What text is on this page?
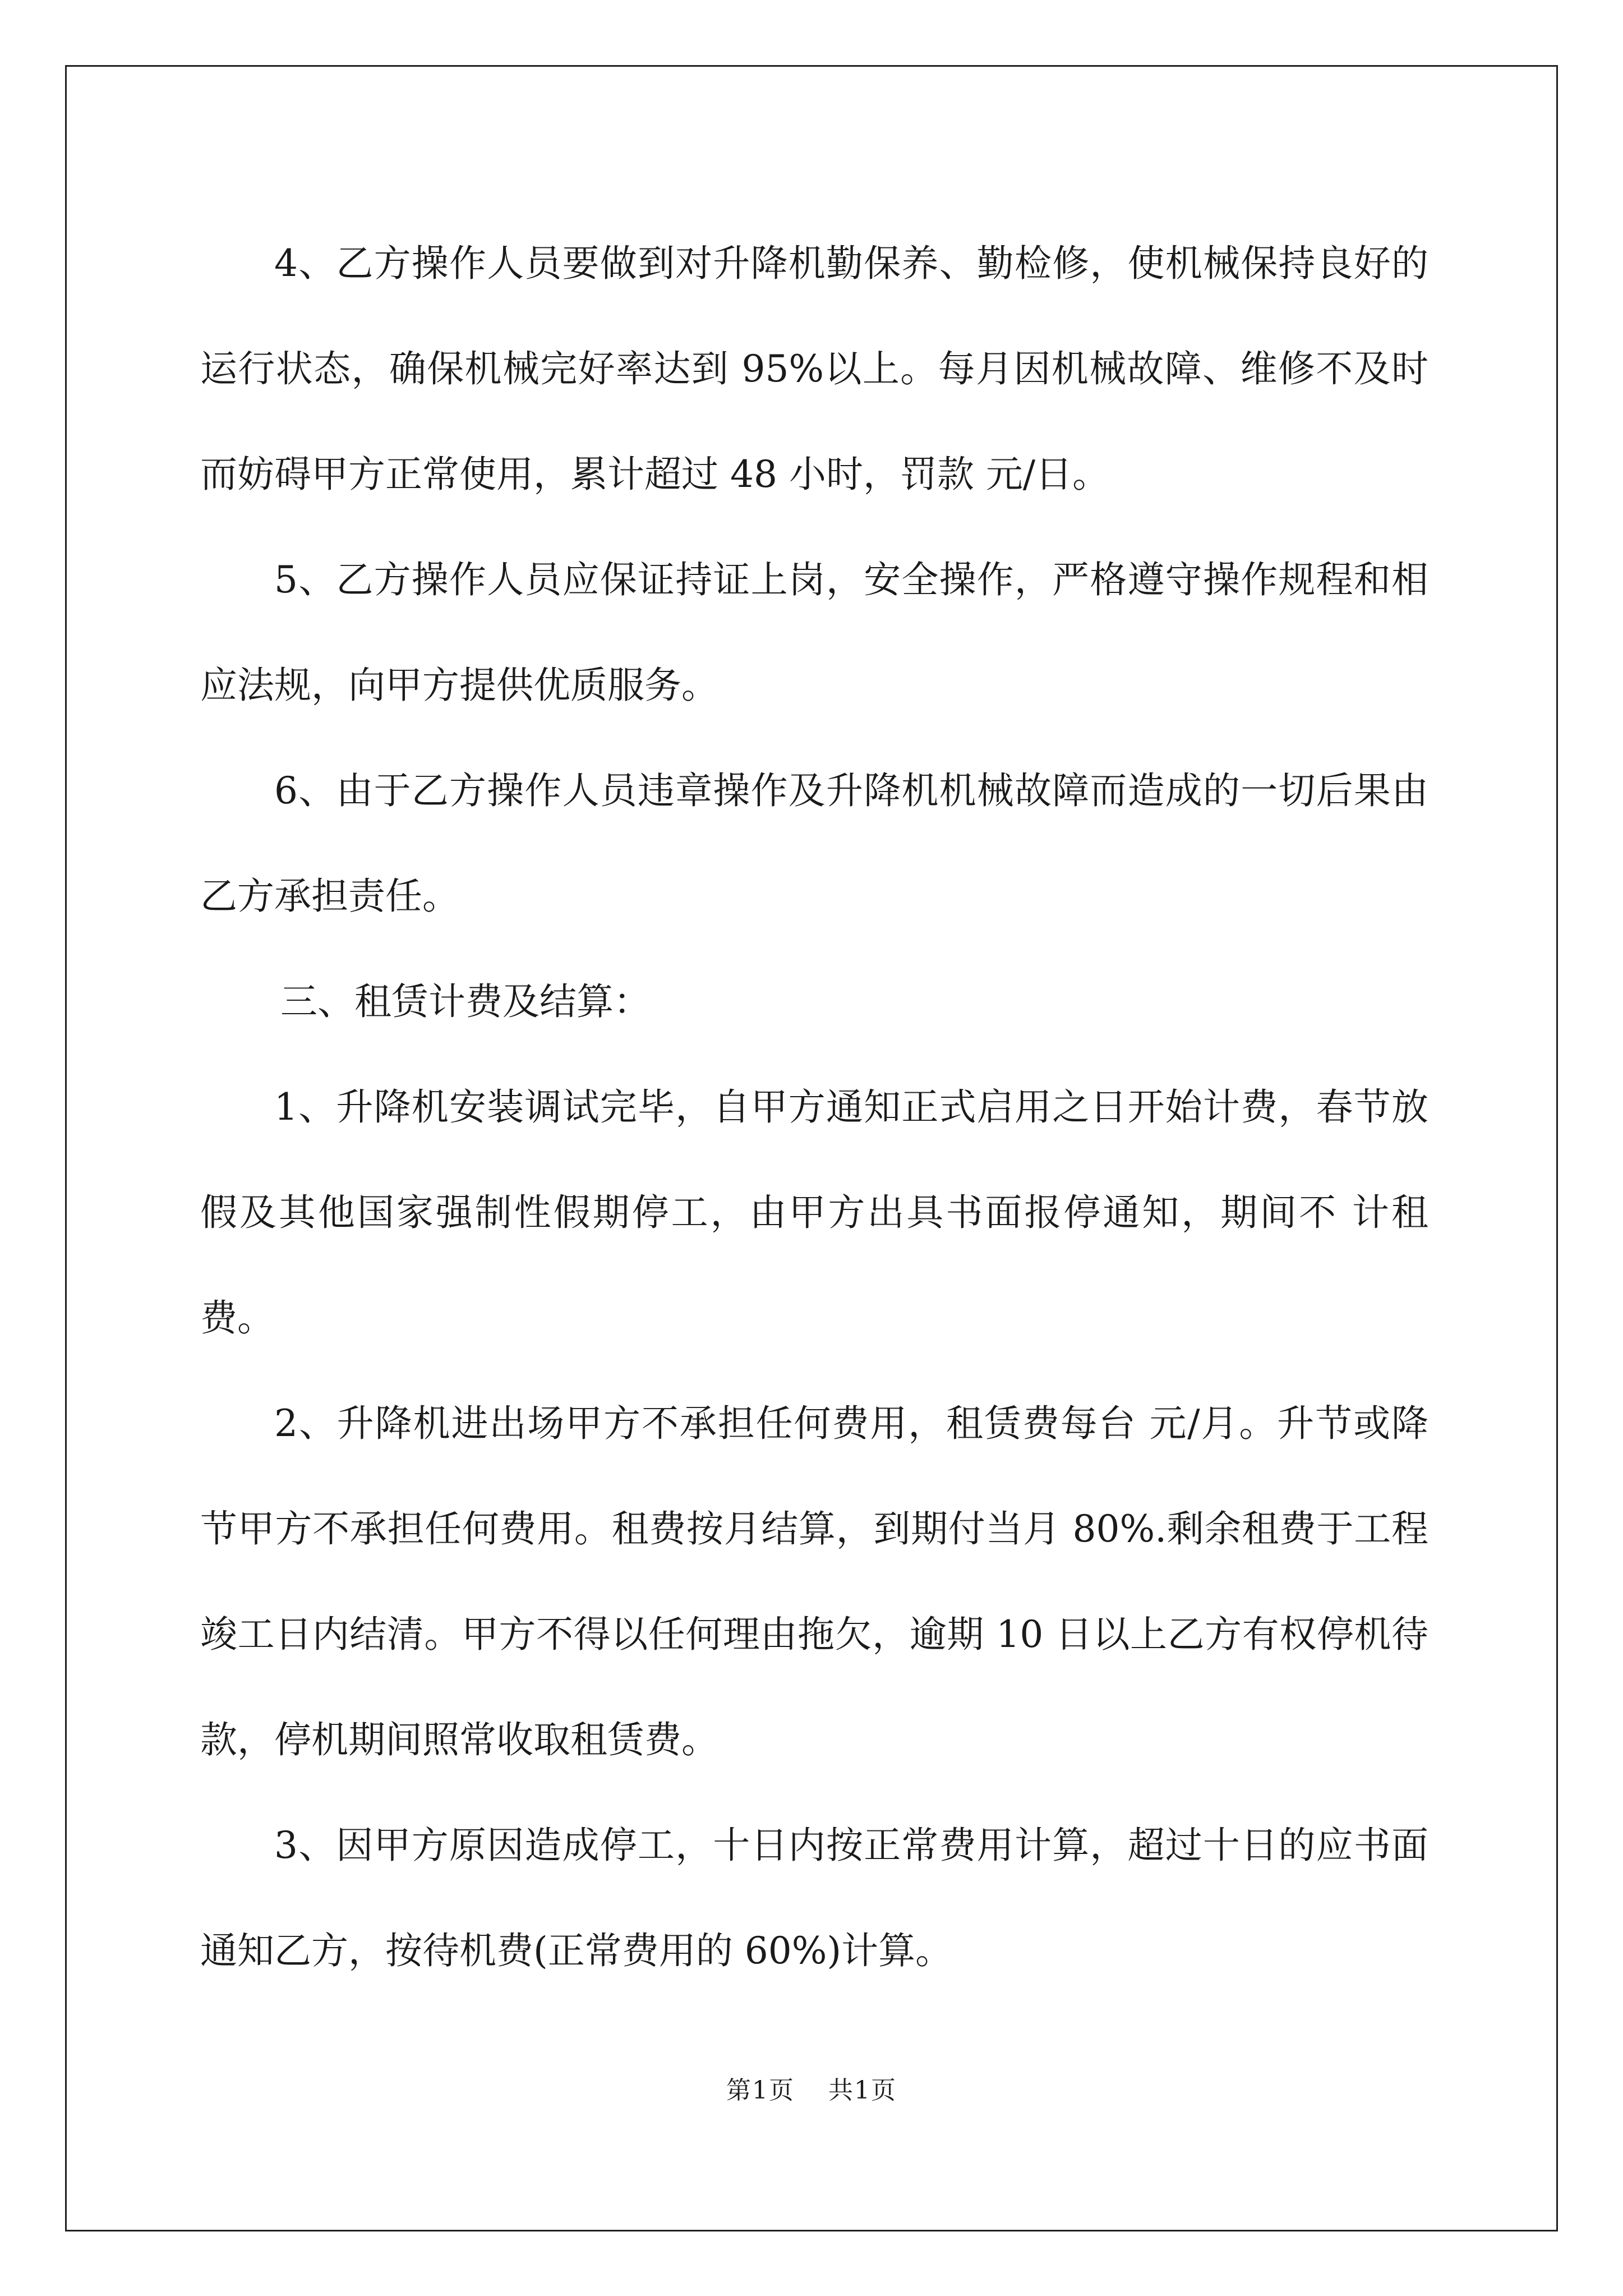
4、乙方操作人员要做到对升降机勤保养、勤检修，使机械保持良好的运行状态，确保机械完好率达到 95%以上。每月因机械故障、维修不及时而妨碍甲方正常使用，累计超过 48 小时，罚款 元/日。

5、乙方操作人员应保证持证上岗，安全操作，严格遵守操作规程和相应法规，向甲方提供优质服务。

6、由于乙方操作人员违章操作及升降机机械故障而造成的一切后果由乙方承担责任。

三、租赁计费及结算：

1、升降机安装调试完毕，自甲方通知正式启用之日开始计费，春节放假及其他国家强制性假期停工，由甲方出具书面报停通知，期间不 计租费。

2、升降机进出场甲方不承担任何费用，租赁费每台 元/月。升节或降节甲方不承担任何费用。租费按月结算，到期付当月 80%.剩余租费于工程竣工日内结清。甲方不得以任何理由拖欠，逾期 10 日以上乙方有权停机待款，停机期间照常收取租赁费。

3、因甲方原因造成停工，十日内按正常费用计算，超过十日的应书面通知乙方，按待机费(正常费用的 60%)计算。

第1页 共1页
